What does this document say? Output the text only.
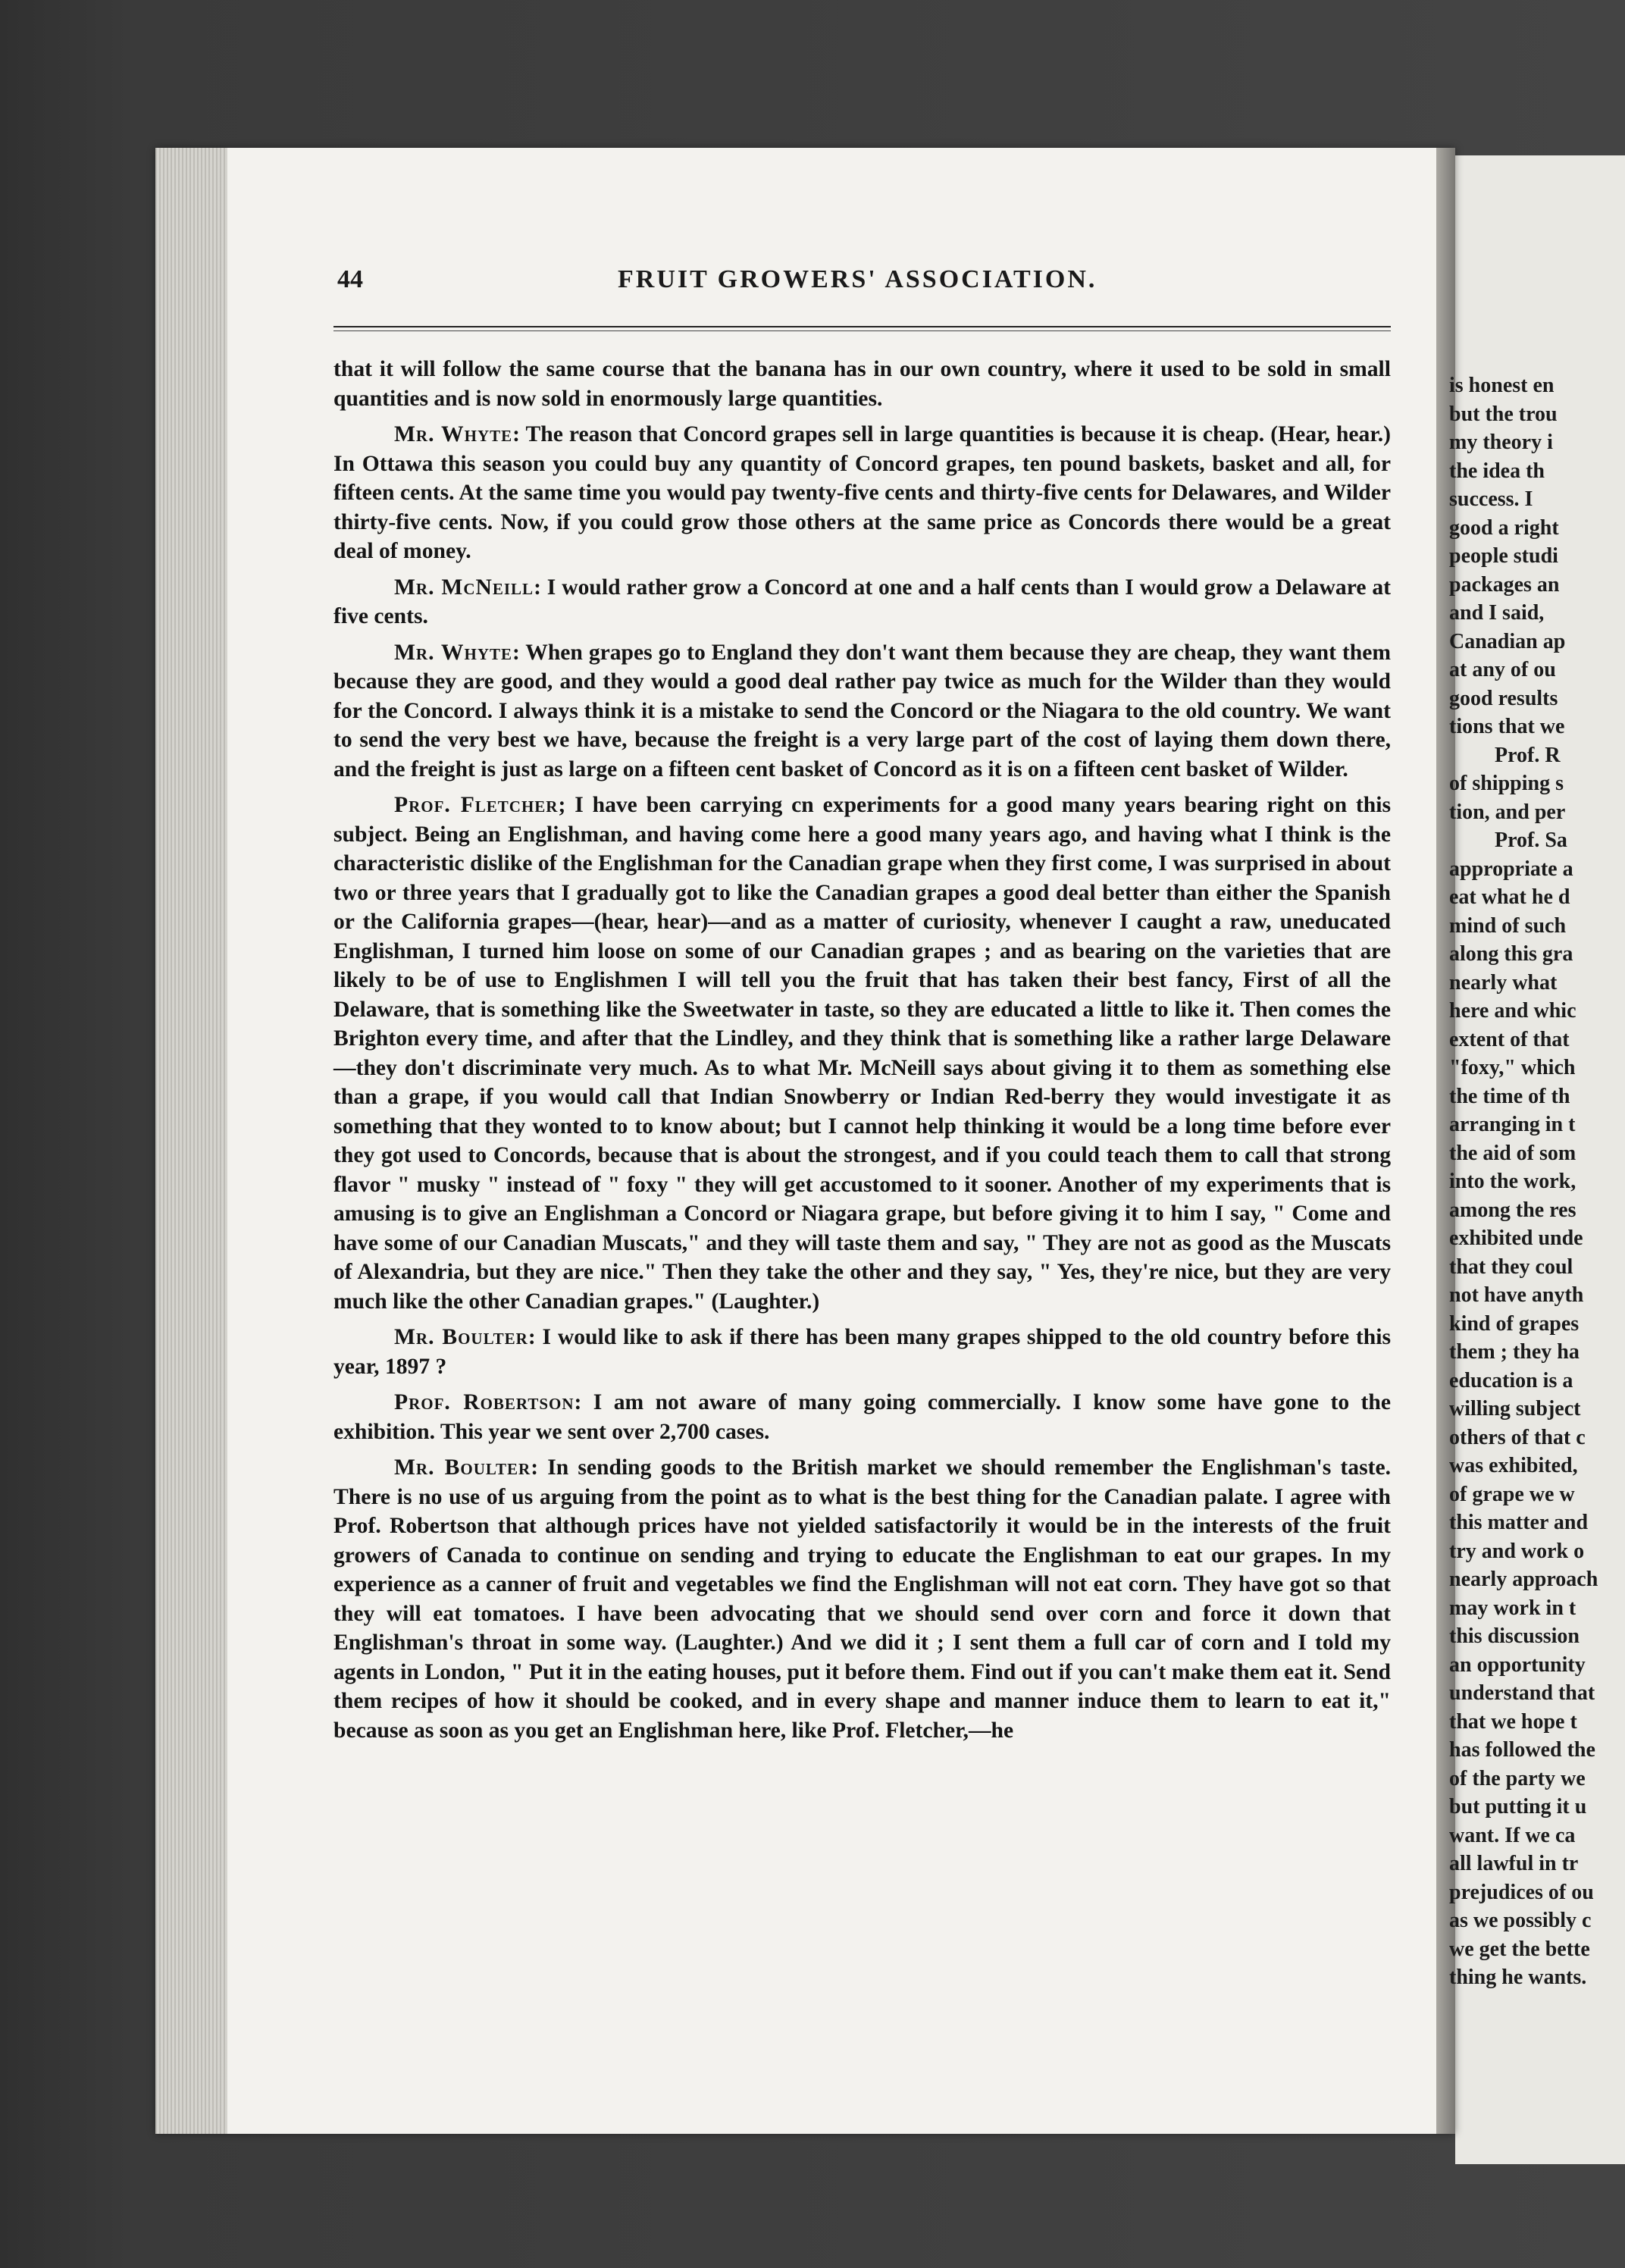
44	FRUIT GROWERS' ASSOCIATION.

that it will follow the same course that the banana has in our own country, where it used to be sold in small quantities and is now sold in enormously large quantities.

Mr. Whyte: The reason that Concord grapes sell in large quantities is because it is cheap. (Hear, hear.) In Ottawa this season you could buy any quantity of Concord grapes, ten pound baskets, basket and all, for fifteen cents. At the same time you would pay twenty-five cents and thirty-five cents for Delawares, and Wilder thirty-five cents. Now, if you could grow those others at the same price as Concords there would be a great deal of money.

Mr. McNeill: I would rather grow a Concord at one and a half cents than I would grow a Delaware at five cents.

Mr. Whyte: When grapes go to England they don't want them because they are cheap, they want them because they are good, and they would a good deal rather pay twice as much for the Wilder than they would for the Concord. I always think it is a mistake to send the Concord or the Niagara to the old country. We want to send the very best we have, because the freight is a very large part of the cost of laying them down there, and the freight is just as large on a fifteen cent basket of Concord as it is on a fifteen cent basket of Wilder.

Prof. Fletcher; I have been carrying cn experiments for a good many years bearing right on this subject. Being an Englishman, and having come here a good many years ago, and having what I think is the characteristic dislike of the Englishman for the Canadian grape when they first come, I was surprised in about two or three years that I gradually got to like the Canadian grapes a good deal better than either the Spanish or the California grapes—(hear, hear)—and as a matter of curiosity, whenever I caught a raw, uneducated Englishman, I turned him loose on some of our Canadian grapes ; and as bearing on the varieties that are likely to be of use to Englishmen I will tell you the fruit that has taken their best fancy, First of all the Delaware, that is something like the Sweetwater in taste, so they are educated a little to like it. Then comes the Brighton every time, and after that the Lindley, and they think that is something like a rather large Delaware—they don't discriminate very much. As to what Mr. McNeill says about giving it to them as something else than a grape, if you would call that Indian Snowberry or Indian Red-berry they would investigate it as something that they wonted to to know about; but I cannot help thinking it would be a long time before ever they got used to Concords, because that is about the strongest, and if you could teach them to call that strong flavor " musky " instead of " foxy " they will get accustomed to it sooner. Another of my experiments that is amusing is to give an Englishman a Concord or Niagara grape, but before giving it to him I say, " Come and have some of our Canadian Muscats," and they will taste them and say, " They are not as good as the Muscats of Alexandria, but they are nice." Then they take the other and they say, " Yes, they're nice, but they are very much like the other Canadian grapes." (Laughter.)

Mr. Boulter: I would like to ask if there has been many grapes shipped to the old country before this year, 1897 ?

Prof. Robertson: I am not aware of many going commercially. I know some have gone to the exhibition. This year we sent over 2,700 cases.

Mr. Boulter: In sending goods to the British market we should remember the Englishman's taste. There is no use of us arguing from the point as to what is the best thing for the Canadian palate. I agree with Prof. Robertson that although prices have not yielded satisfactorily it would be in the interests of the fruit growers of Canada to continue on sending and trying to educate the Englishman to eat our grapes. In my experience as a canner of fruit and vegetables we find the Englishman will not eat corn. They have got so that they will eat tomatoes. I have been advocating that we should send over corn and force it down that Englishman's throat in some way. (Laughter.) And we did it ; I sent them a full car of corn and I told my agents in London, " Put it in the eating houses, put it before them. Find out if you can't make them eat it. Send them recipes of how it should be cooked, and in every shape and manner induce them to learn to eat it," because as soon as you get an Englishman here, like Prof. Fletcher,—he

is honest en
but the trou
my theory i
the idea th
success. I
good a right
people studi
packages an
and I said,
Canadian ap
at any of ou
good results
tions that we
Prof. R
of shipping s
tion, and per
Prof. Sa
appropriate a
eat what he d
mind of such
along this gra
nearly what
here and whic
extent of that
"foxy," which
the time of th
arranging in t
the aid of som
into the work,
among the res
exhibited unde
that they coul
not have anyth
kind of grapes
them ; they ha
education is a
willing subject
others of that c
was exhibited,
of grape we w
this matter and
try and work o
nearly approach
may work in t
this discussion
an opportunity
understand that
that we hope t
has followed the
of the party we
but putting it u
want. If we ca
all lawful in tr
prejudices of ou
as we possibly c
we get the bette
thing he wants.
